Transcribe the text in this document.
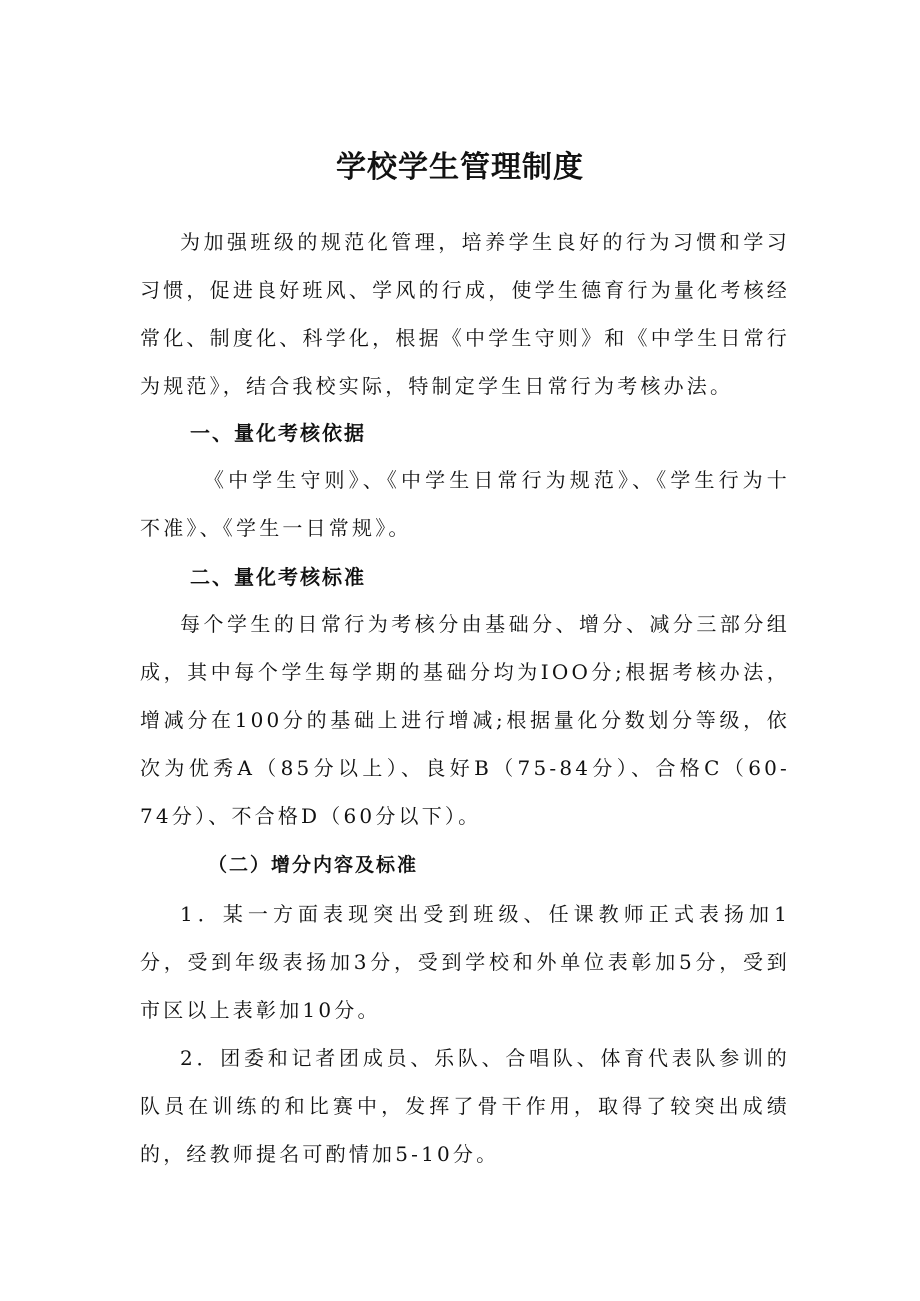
学校学生管理制度

为加强班级的规范化管理，培养学生良好的行为习惯和学习习惯，促进良好班风、学风的行成，使学生德育行为量化考核经常化、制度化、科学化，根据《中学生守则》和《中学生日常行为规范》，结合我校实际，特制定学生日常行为考核办法。

一、量化考核依据

《中学生守则》、《中学生日常行为规范》、《学生行为十不准》、《学生一日常规》。

二、量化考核标准

每个学生的日常行为考核分由基础分、增分、减分三部分组成，其中每个学生每学期的基础分均为IOO分;根据考核办法，增减分在100分的基础上进行增减;根据量化分数划分等级，依次为优秀A（85分以上）、良好B（75-84分）、合格C（60-74分）、不合格D（60分以下）。

（二）增分内容及标准

1．某一方面表现突出受到班级、任课教师正式表扬加1分，受到年级表扬加3分，受到学校和外单位表彰加5分，受到市区以上表彰加10分。

2．团委和记者团成员、乐队、合唱队、体育代表队参训的队员在训练的和比赛中，发挥了骨干作用，取得了较突出成绩的，经教师提名可酌情加5-10分。
